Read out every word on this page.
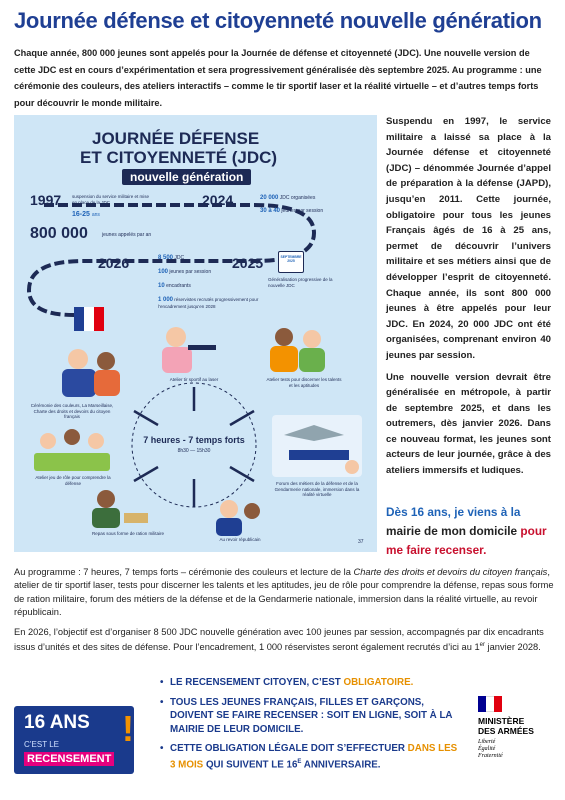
Journée défense et citoyenneté nouvelle génération
Chaque année, 800 000 jeunes sont appelés pour la Journée de défense et citoyenneté (JDC). Une nouvelle version de cette JDC est en cours d’expérimentation et sera progressivement généralisée dès septembre 2025. Au programme : une cérémonie des couleurs, des ateliers interactifs – comme le tir sportif laser et la réalité virtuelle – et d’autres temps forts pour découvrir le monde militaire.
JOURNÉE DÉFENSE
ET CITOYENNETÉ (JDC)
nouvelle génération
1997 suspension du service militaire et mise en place de la JDC
16-25 ans
800 000	jeunes appelés par an
2024	20 000 JDC organisées
30 à 40 jeunes par session
2025	SEPTEMBRE 2025
Généralisation progressive de la nouvelle JDC
2026	8 500 JDC
100 jeunes par session
10 encadrants
1 000 réservistes recrutés progressivement pour l’encadrement jusqu’en 2028
Cérémonie des couleurs, La Marseillaise, Charte des droits et devoirs du citoyen français
Atelier tir sportif au laser	Atelier tests pour discerner les talents et les aptitudes
7 heures - 7 temps forts
8h30 — 15h30
Atelier jeu de rôle pour comprendre la défense	Forum des métiers de la défense et de la Gendarmerie nationale, immersion dans la réalité virtuelle
Repas sous forme de ration militaire
Au revoir républicain	37

Suspendu en 1997, le service militaire a laissé sa place à la Journée défense et citoyenneté (JDC) – dénommée Journée d’appel de préparation à la défense (JAPD), jusqu’en 2011. Cette journée, obligatoire pour tous les jeunes Français âgés de 16 à 25 ans, permet de découvrir l’univers militaire et ses métiers ainsi que de développer l’esprit de citoyenneté. Chaque année, ils sont 800 000 jeunes à être appelés pour leur JDC. En 2024, 20 000 JDC ont été organisées, comprenant environ 40 jeunes par session.

Une nouvelle version devrait être généralisée en métropole, à partir de septembre 2025, et dans les outremers, dès janvier 2026. Dans ce nouveau format, les jeunes sont acteurs de leur journée, grâce à des ateliers immersifs et ludiques.

Dès 16 ans, je viens à la mairie de mon domicile pour me faire recenser.

Au programme : 7 heures, 7 temps forts – cérémonie des couleurs et lecture de la Charte des droits et devoirs du citoyen français, atelier de tir sportif laser, tests pour discerner les talents et les aptitudes, jeu de rôle pour comprendre la défense, repas sous forme de ration militaire, forum des métiers de la défense et de la Gendarmerie nationale, immersion dans la réalité virtuelle, au revoir républicain.

En 2026, l’objectif est d’organiser 8 500 JDC nouvelle génération avec 100 jeunes par session, accompagnés par dix encadrants issus d’unités et des sites de défense. Pour l’encadrement, 1 000 réservistes seront également recrutés d’ici au 1er janvier 2028.

16 ANS
C’EST LE
RECENSEMENT
!
• LE RECENSEMENT CITOYEN, C’EST OBLIGATOIRE.
• TOUS LES JEUNES FRANÇAIS, FILLES ET GARÇONS, DOIVENT SE FAIRE RECENSER : SOIT EN LIGNE, SOIT À LA MAIRIE DE LEUR DOMICILE.
• CETTE OBLIGATION LÉGALE DOIT S’EFFECTUER DANS LES 3 MOIS QUI SUIVENT LE $16^E$ ANNIVERSAIRE.
MINISTÈRE
DES ARMÉES
Liberté
Égalité
Fraternité
